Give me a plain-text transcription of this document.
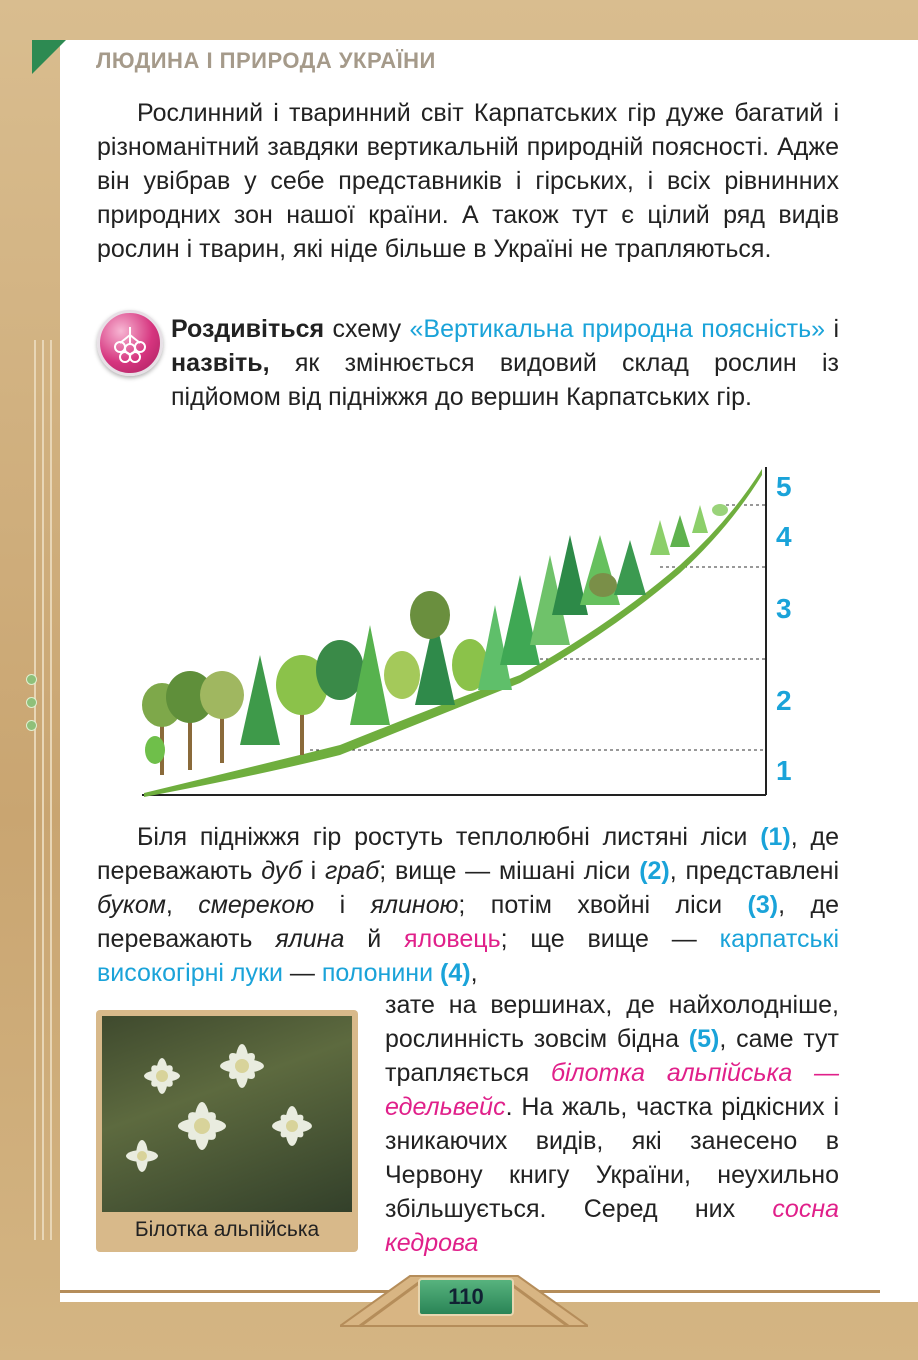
ЛЮДИНА І ПРИРОДА УКРАЇНИ
Рослинний і тваринний світ Карпатських гір дуже багатий і різноманітний завдяки вертикальній природній поясності. Адже він увібрав у себе представників і гірських, і всіх рівнинних природних зон нашої країни. А також тут є цілий ряд видів рослин і тварин, які ніде більше в Україні не трапляються.
Роздивіться схему «Вертикальна природна поясність» і назвіть, як змінюється видовий склад рослин із підйомом від підніжжя до вершин Карпатських гір.
5
4
3
2
1
Біля підніжжя гір ростуть теплолюбні листяні ліси (1), де переважають дуб і граб; вище — мішані ліси (2), представлені буком, смерекою і ялиною; потім хвойні ліси (3), де переважають ялина й яловець; ще вище — карпатські високогірні луки — полонини (4),
зате на вершинах, де найхолодніше, рослинність зовсім бідна (5), саме тут трапляється білотка альпійська — едельвейс. На жаль, частка рідкісних і зникаючих видів, які занесено в Червону книгу України, неухильно збільшується. Серед них сосна кедрова
Білотка альпійська
110
